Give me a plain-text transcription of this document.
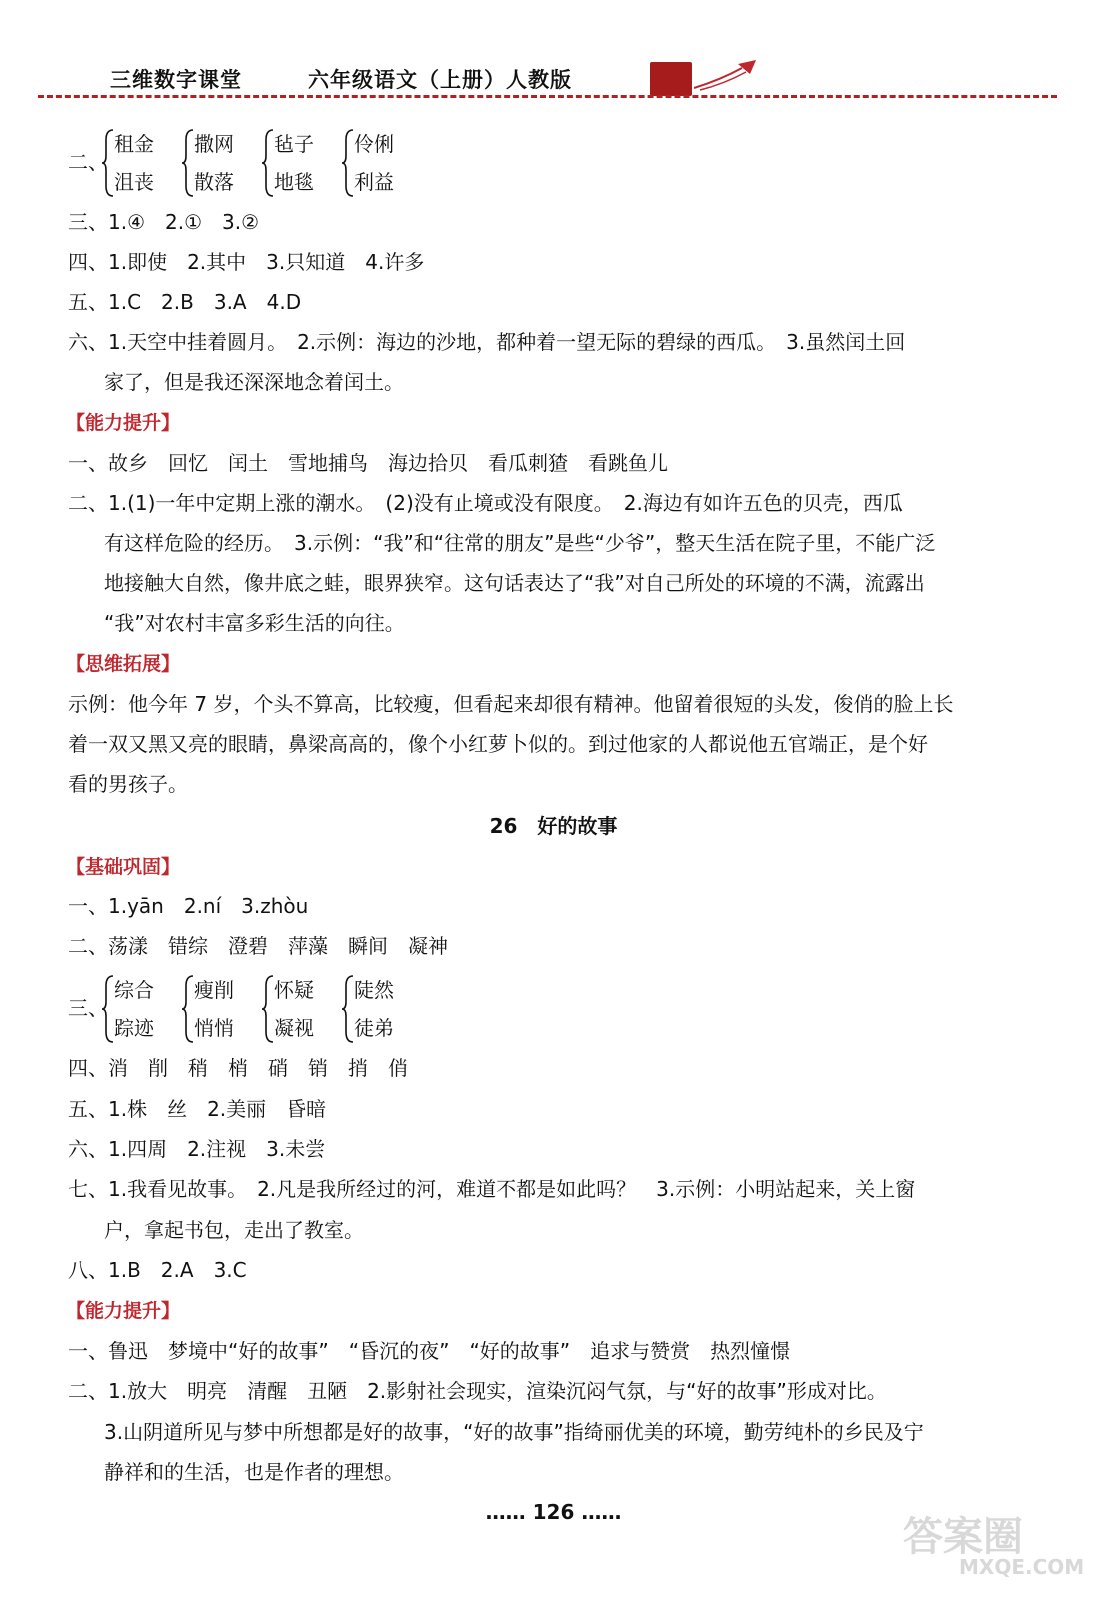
三维数字课堂	六年级语文（上册）人教版
二、
租金
沮丧
撒网
散落
毡子
地毯
伶俐
利益
三、1.④　2.①　3.②
四、1.即使　2.其中　3.只知道　4.许多
五、1.C　2.B　3.A　4.D
六、1.天空中挂着圆月。　2.示例：海边的沙地，都种着一望无际的碧绿的西瓜。　3.虽然闰土回
家了，但是我还深深地念着闰土。
【能力提升】
一、故乡　回忆　闰土　雪地捕鸟　海边拾贝　看瓜刺猹　看跳鱼儿
二、1.(1)一年中定期上涨的潮水。　(2)没有止境或没有限度。　2.海边有如许五色的贝壳，西瓜
有这样危险的经历。　3.示例：“我”和“往常的朋友”是些“少爷”，整天生活在院子里，不能广泛
地接触大自然，像井底之蛙，眼界狭窄。这句话表达了“我”对自己所处的环境的不满，流露出
“我”对农村丰富多彩生活的向往。
【思维拓展】
示例：他今年 7 岁，个头不算高，比较瘦，但看起来却很有精神。他留着很短的头发，俊俏的脸上长
着一双又黑又亮的眼睛，鼻梁高高的，像个小红萝卜似的。到过他家的人都说他五官端正，是个好
看的男孩子。
26　好的故事
【基础巩固】
一、1.yān　2.ní　3.zhòu
二、荡漾　错综　澄碧　萍藻　瞬间　凝神
三、
综合
踪迹
瘦削
悄悄
怀疑
凝视
陡然
徒弟
四、消　削　稍　梢　硝　销　捎　俏
五、1.株　丝　2.美丽　昏暗
六、1.四周　2.注视　3.未尝
七、1.我看见故事。　2.凡是我所经过的河，难道不都是如此吗？　3.示例：小明站起来，关上窗
户，拿起书包，走出了教室。
八、1.B　2.A　3.C
【能力提升】
一、鲁迅　梦境中“好的故事”　“昏沉的夜”　“好的故事”　追求与赞赏　热烈憧憬
二、1.放大　明亮　清醒　丑陋　2.影射社会现实，渲染沉闷气氛，与“好的故事”形成对比。
3.山阴道所见与梦中所想都是好的故事，“好的故事”指绮丽优美的环境，勤劳纯朴的乡民及宁
静祥和的生活，也是作者的理想。
…… 126 ……
答案圈
MXQE.COM
